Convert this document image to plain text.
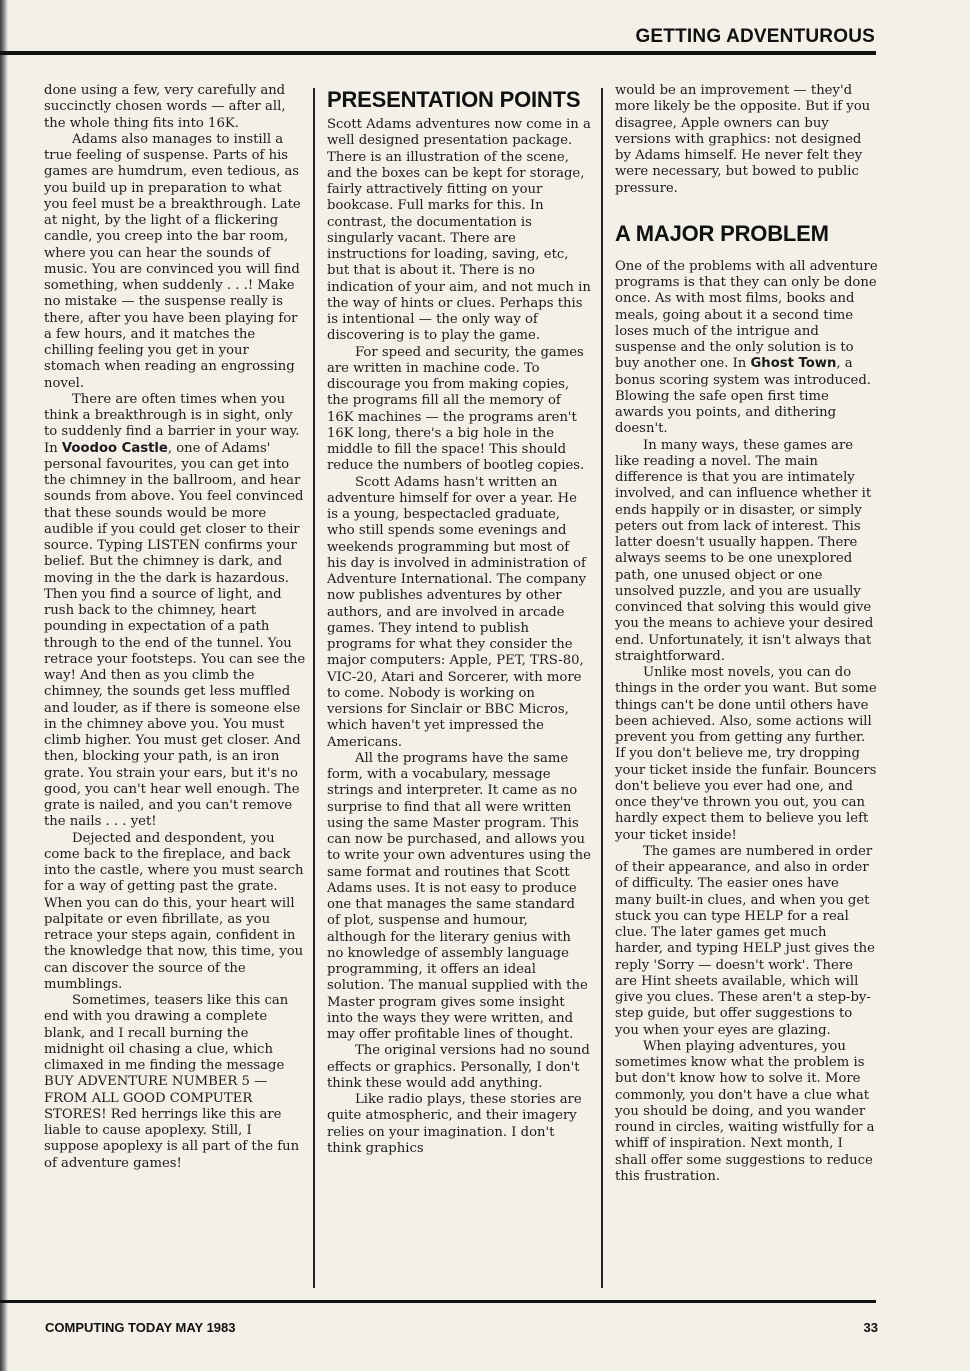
GETTING ADVENTUROUS

done using a few, very carefully and succinctly chosen words — after all, the whole thing fits into 16K.

Adams also manages to instill a true feeling of suspense. Parts of his games are humdrum, even tedious, as you build up in preparation to what you feel must be a breakthrough. Late at night, by the light of a flickering candle, you creep into the bar room, where you can hear the sounds of music. You are convinced you will find something, when suddenly . . .! Make no mistake — the suspense really is there, after you have been playing for a few hours, and it matches the chilling feeling you get in your stomach when reading an engrossing novel.

There are often times when you think a breakthrough is in sight, only to suddenly find a barrier in your way. In Voodoo Castle, one of Adams' personal favourites, you can get into the chimney in the ballroom, and hear sounds from above. You feel convinced that these sounds would be more audible if you could get closer to their source. Typing LISTEN confirms your belief. But the chimney is dark, and moving in the the dark is hazardous. Then you find a source of light, and rush back to the chimney, heart pounding in expectation of a path through to the end of the tunnel. You retrace your footsteps. You can see the way! And then as you climb the chimney, the sounds get less muffled and louder, as if there is someone else in the chimney above you. You must climb higher. You must get closer. And then, blocking your path, is an iron grate. You strain your ears, but it's no good, you can't hear well enough. The grate is nailed, and you can't remove the nails . . . yet!

Dejected and despondent, you come back to the fireplace, and back into the castle, where you must search for a way of getting past the grate. When you can do this, your heart will palpitate or even fibrillate, as you retrace your steps again, confident in the knowledge that now, this time, you can discover the source of the mumblings.

Sometimes, teasers like this can end with you drawing a complete blank, and I recall burning the midnight oil chasing a clue, which climaxed in me finding the message BUY ADVENTURE NUMBER 5 — FROM ALL GOOD COMPUTER STORES! Red herrings like this are liable to cause apoplexy. Still, I suppose apoplexy is all part of the fun of adventure games!

PRESENTATION POINTS

Scott Adams adventures now come in a well designed presentation package. There is an illustration of the scene, and the boxes can be kept for storage, fairly attractively fitting on your bookcase. Full marks for this. In contrast, the documentation is singularly vacant. There are instructions for loading, saving, etc, but that is about it. There is no indication of your aim, and not much in the way of hints or clues. Perhaps this is intentional — the only way of discovering is to play the game.

For speed and security, the games are written in machine code. To discourage you from making copies, the programs fill all the memory of 16K machines — the programs aren't 16K long, there's a big hole in the middle to fill the space! This should reduce the numbers of bootleg copies.

Scott Adams hasn't written an adventure himself for over a year. He is a young, bespectacled graduate, who still spends some evenings and weekends programming but most of his day is involved in administration of Adventure International. The company now publishes adventures by other authors, and are involved in arcade games. They intend to publish programs for what they consider the major computers: Apple, PET, TRS-80, VIC-20, Atari and Sorcerer, with more to come. Nobody is working on versions for Sinclair or BBC Micros, which haven't yet impressed the Americans.

All the programs have the same form, with a vocabulary, message strings and interpreter. It came as no surprise to find that all were written using the same Master program. This can now be purchased, and allows you to write your own adventures using the same format and routines that Scott Adams uses. It is not easy to produce one that manages the same standard of plot, suspense and humour, although for the literary genius with no knowledge of assembly language programming, it offers an ideal solution. The manual supplied with the Master program gives some insight into the ways they were written, and may offer profitable lines of thought.

The original versions had no sound effects or graphics. Personally, I don't think these would add anything.

Like radio plays, these stories are quite atmospheric, and their imagery relies on your imagination. I don't think graphics

would be an improvement — they'd more likely be the opposite. But if you disagree, Apple owners can buy versions with graphics: not designed by Adams himself. He never felt they were necessary, but bowed to public pressure.

A MAJOR PROBLEM

One of the problems with all adventure programs is that they can only be done once. As with most films, books and meals, going about it a second time loses much of the intrigue and suspense and the only solution is to buy another one. In Ghost Town, a bonus scoring system was introduced. Blowing the safe open first time awards you points, and dithering doesn't.

In many ways, these games are like reading a novel. The main difference is that you are intimately involved, and can influence whether it ends happily or in disaster, or simply peters out from lack of interest. This latter doesn't usually happen. There always seems to be one unexplored path, one unused object or one unsolved puzzle, and you are usually convinced that solving this would give you the means to achieve your desired end. Unfortunately, it isn't always that straightforward.

Unlike most novels, you can do things in the order you want. But some things can't be done until others have been achieved. Also, some actions will prevent you from getting any further. If you don't believe me, try dropping your ticket inside the funfair. Bouncers don't believe you ever had one, and once they've thrown you out, you can hardly expect them to believe you left your ticket inside!

The games are numbered in order of their appearance, and also in order of difficulty. The easier ones have many built-in clues, and when you get stuck you can type HELP for a real clue. The later games get much harder, and typing HELP just gives the reply 'Sorry — doesn't work'. There are Hint sheets available, which will give you clues. These aren't a step-by-step guide, but offer suggestions to you when your eyes are glazing.

When playing adventures, you sometimes know what the problem is but don't know how to solve it. More commonly, you don't have a clue what you should be doing, and you wander round in circles, waiting wistfully for a whiff of inspiration. Next month, I shall offer some suggestions to reduce this frustration.

COMPUTING TODAY MAY 1983	33
